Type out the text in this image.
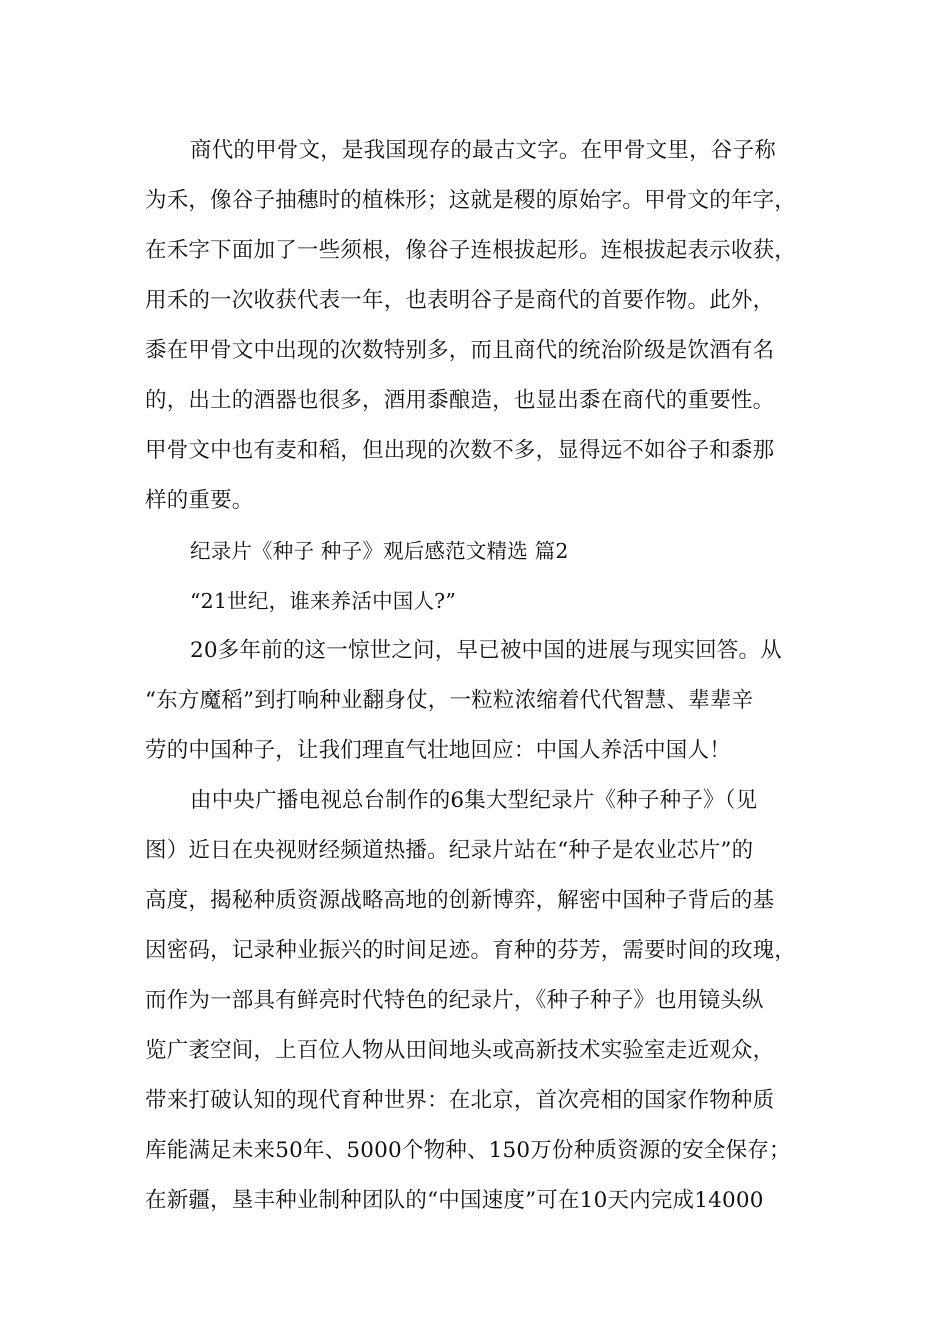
商代的甲骨文，是我国现存的最古文字。在甲骨文里，谷子称
为禾，像谷子抽穗时的植株形；这就是稷的原始字。甲骨文的年字，
在禾字下面加了一些须根，像谷子连根拔起形。连根拔起表示收获，
用禾的一次收获代表一年，也表明谷子是商代的首要作物。此外，
黍在甲骨文中出现的次数特别多，而且商代的统治阶级是饮酒有名
的，出土的酒器也很多，酒用黍酿造，也显出黍在商代的重要性。
甲骨文中也有麦和稻，但出现的次数不多，显得远不如谷子和黍那
样的重要。
纪录片《种子 种子》观后感范文精选 篇2
“21世纪，谁来养活中国人?”
20多年前的这一惊世之问，早已被中国的进展与现实回答。从
“东方魔稻”到打响种业翻身仗，一粒粒浓缩着代代智慧、辈辈辛
劳的中国种子，让我们理直气壮地回应：中国人养活中国人！
由中央广播电视总台制作的6集大型纪录片《种子种子》（见
图）近日在央视财经频道热播。纪录片站在“种子是农业芯片”的
高度，揭秘种质资源战略高地的创新博弈，解密中国种子背后的基
因密码，记录种业振兴的时间足迹。育种的芬芳，需要时间的玫瑰，
而作为一部具有鲜亮时代特色的纪录片，《种子种子》也用镜头纵
览广袤空间，上百位人物从田间地头或高新技术实验室走近观众，
带来打破认知的现代育种世界：在北京，首次亮相的国家作物种质
库能满足未来50年、5000个物种、150万份种质资源的安全保存；
在新疆，垦丰种业制种团队的“中国速度”可在10天内完成14000
